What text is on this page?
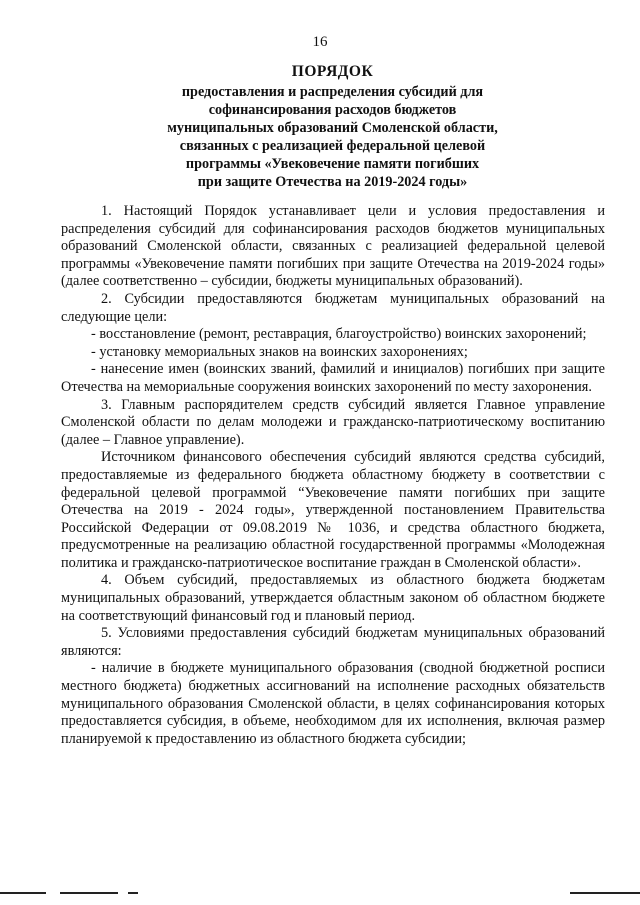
16
ПОРЯДОК
предоставления и распределения субсидий для
софинансирования расходов бюджетов
муниципальных образований Смоленской области,
связанных с реализацией федеральной целевой
программы «Увековечение памяти погибших
при защите Отечества на 2019-2024 годы»

1. Настоящий Порядок устанавливает цели и условия предоставления и распределения субсидий для софинансирования расходов бюджетов муниципальных образований Смоленской области, связанных с реализацией федеральной целевой программы «Увековечение памяти погибших при защите Отечества на 2019-2024 годы» (далее соответственно – субсидии, бюджеты муниципальных образований).

2. Субсидии предоставляются бюджетам муниципальных образований на следующие цели:

- восстановление (ремонт, реставрация, благоустройство) воинских захоронений;

- установку мемориальных знаков на воинских захоронениях;

- нанесение имен (воинских званий, фамилий и инициалов) погибших при защите Отечества на мемориальные сооружения воинских захоронений по месту захоронения.

3. Главным распорядителем средств субсидий является Главное управление Смоленской области по делам молодежи и гражданско-патриотическому воспитанию (далее – Главное управление).

Источником финансового обеспечения субсидий являются средства субсидий, предоставляемые из федерального бюджета областному бюджету в соответствии с федеральной целевой программой “Увековечение памяти погибших при защите Отечества на 2019 - 2024 годы», утвержденной постановлением Правительства Российской Федерации от 09.08.2019 № 1036, и средства областного бюджета, предусмотренные на реализацию областной государственной программы «Молодежная политика и гражданско-патриотическое воспитание граждан в Смоленской области».

4. Объем субсидий, предоставляемых из областного бюджета бюджетам муниципальных образований, утверждается областным законом об областном бюджете на соответствующий финансовый год и плановый период.

5. Условиями предоставления субсидий бюджетам муниципальных образований являются:

- наличие в бюджете муниципального образования (сводной бюджетной росписи местного бюджета) бюджетных ассигнований на исполнение расходных обязательств муниципального образования Смоленской области, в целях софинансирования которых предоставляется субсидия, в объеме, необходимом для их исполнения, включая размер планируемой к предоставлению из областного бюджета субсидии;
